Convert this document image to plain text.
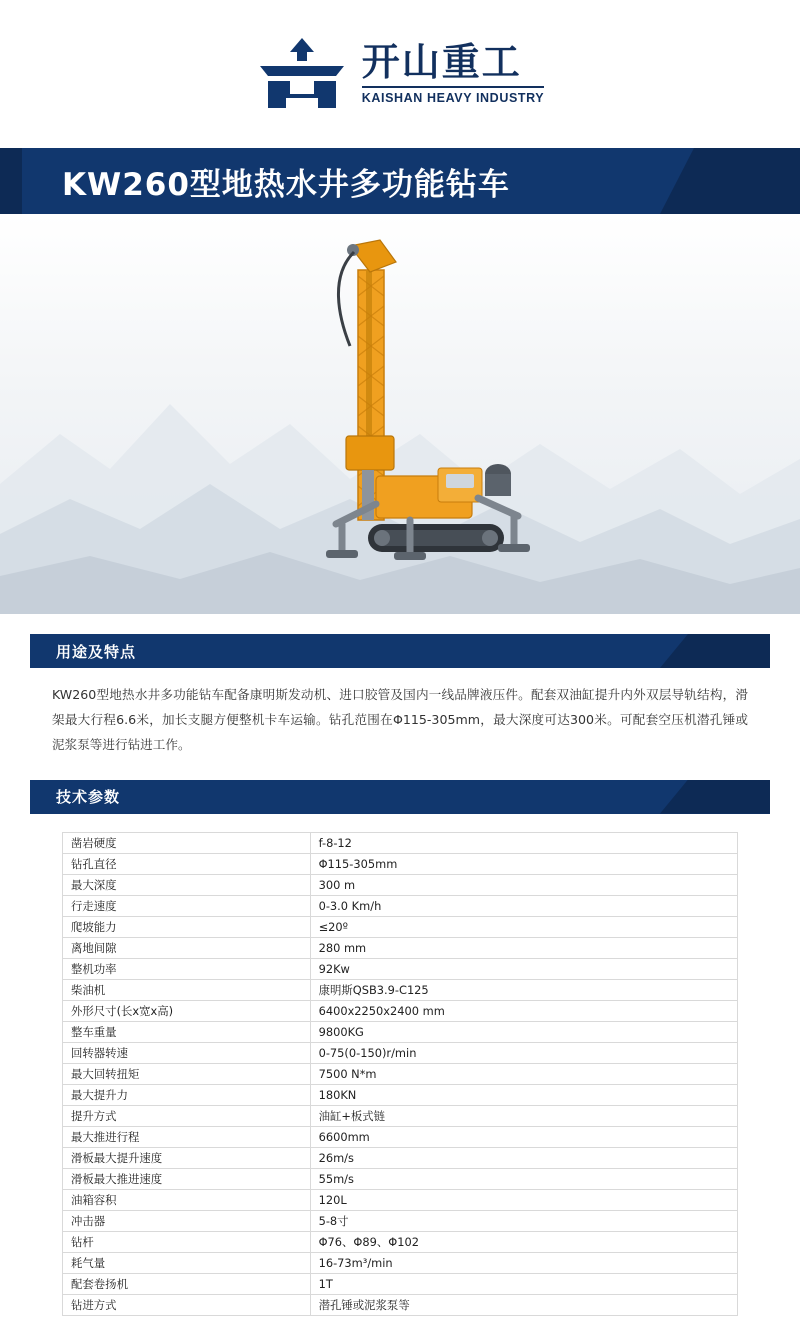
开山重工
KAISHAN HEAVY INDUSTRY
KW260型地热水井多功能钻车
用途及特点

KW260型地热水井多功能钻车配备康明斯发动机、进口胶管及国内一线品牌液压件。配套双油缸提升内外双层导轨结构，滑架最大行程6.6米，加长支腿方便整机卡车运输。钻孔范围在Φ115-305mm，最大深度可达300米。可配套空压机潜孔锤或泥浆泵等进行钻进工作。

技术参数
凿岩硬度	f-8-12
钻孔直径	Φ115-305mm
最大深度	300 m
行走速度	0-3.0 Km/h
爬坡能力	≤20º
离地间隙	280 mm
整机功率	92Kw
柴油机	康明斯QSB3.9-C125
外形尺寸(长x宽x高)	6400x2250x2400 mm
整车重量	9800KG
回转器转速	0-75(0-150)r/min
最大回转扭矩	7500 N*m
最大提升力	180KN
提升方式	油缸+板式链
最大推进行程	6600mm
滑板最大提升速度	26m/s
滑板最大推进速度	55m/s
油箱容积	120L
冲击器	5-8寸
钻杆	Φ76、Φ89、Φ102
耗气量	16-73m³/min
配套卷扬机	1T
钻进方式	潜孔锤或泥浆泵等
